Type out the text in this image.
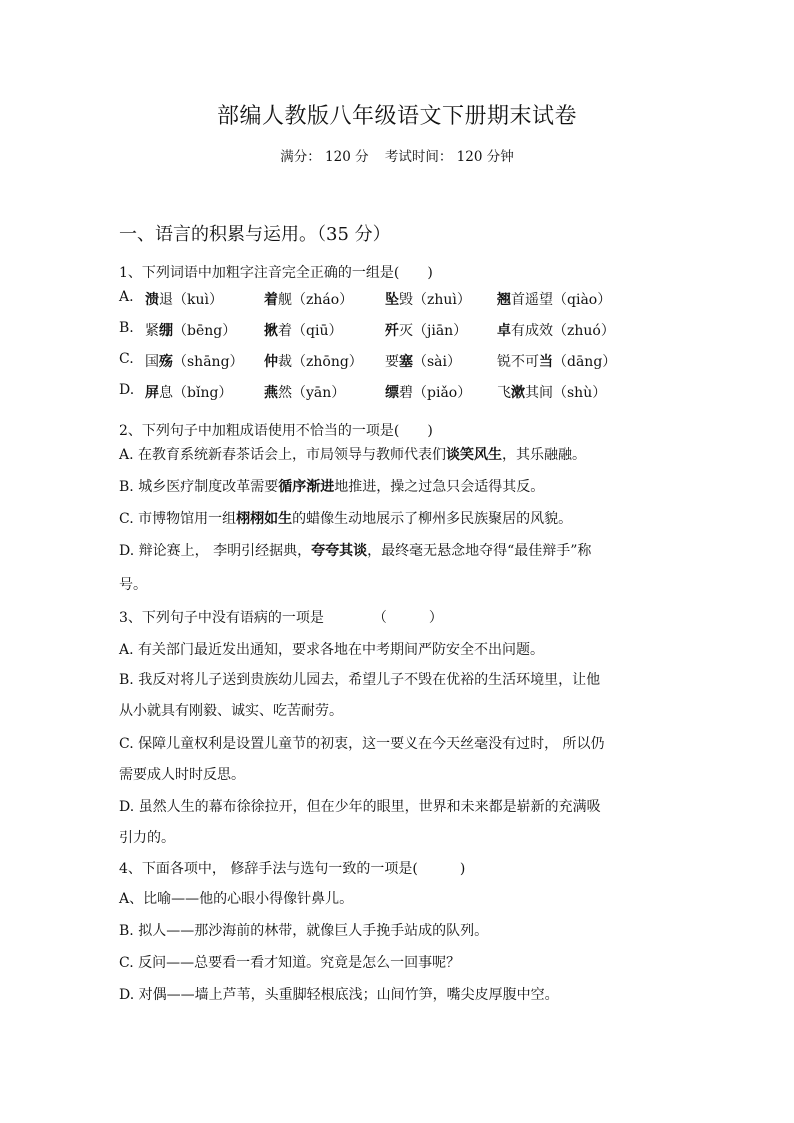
部编人教版八年级语文下册期末试卷
满分： 120 分 考试时间： 120 分钟
一、语言的积累与运用。（35 分）
1、下列词语中加粗字注音完全正确的一组是(　　)
A. 溃退（kuì）	着舰（zháo） 坠毁（zhuì） 翘首遥望（qiào）
B. 紧绷（bēng） 揪着（qiū）	歼灭（jiān） 卓有成效（zhuó）
C. 国殇（shāng） 仲裁（zhōng） 要塞（sài）	锐不可当（dāng）
D. 屏息（bǐng） 燕然（yān）	缥碧（piǎo） 飞漱其间（shù）
2、下列句子中加粗成语使用不恰当的一项是(　　)
A. 在教育系统新春茶话会上，市局领导与教师代表们谈笑风生，其乐融融。
B. 城乡医疗制度改革需要循序渐进地推进，操之过急只会适得其反。
C. 市博物馆用一组栩栩如生的蜡像生动地展示了柳州多民族聚居的风貌。
D. 辩论赛上， 李明引经据典，夸夸其谈，最终毫无悬念地夺得“最佳辩手”称
号。
3、下列句子中没有语病的一项是　　　　（　　　）
A. 有关部门最近发出通知，要求各地在中考期间严防安全不出问题。
B. 我反对将儿子送到贵族幼儿园去，希望儿子不毁在优裕的生活环境里，让他
从小就具有刚毅、诚实、吃苦耐劳。
C. 保障儿童权利是设置儿童节的初衷，这一要义在今天丝毫没有过时， 所以仍
需要成人时时反思。
D. 虽然人生的幕布徐徐拉开，但在少年的眼里，世界和未来都是崭新的充满吸
引力的。
4、下面各项中， 修辞手法与选句一致的一项是(　　　)
A、比喻——他的心眼小得像针鼻儿。
B. 拟人——那沙海前的林带，就像巨人手挽手站成的队列。
C. 反问——总要看一看才知道。究竟是怎么一回事呢？
D. 对偶——墙上芦苇，头重脚轻根底浅；山间竹笋，嘴尖皮厚腹中空。
